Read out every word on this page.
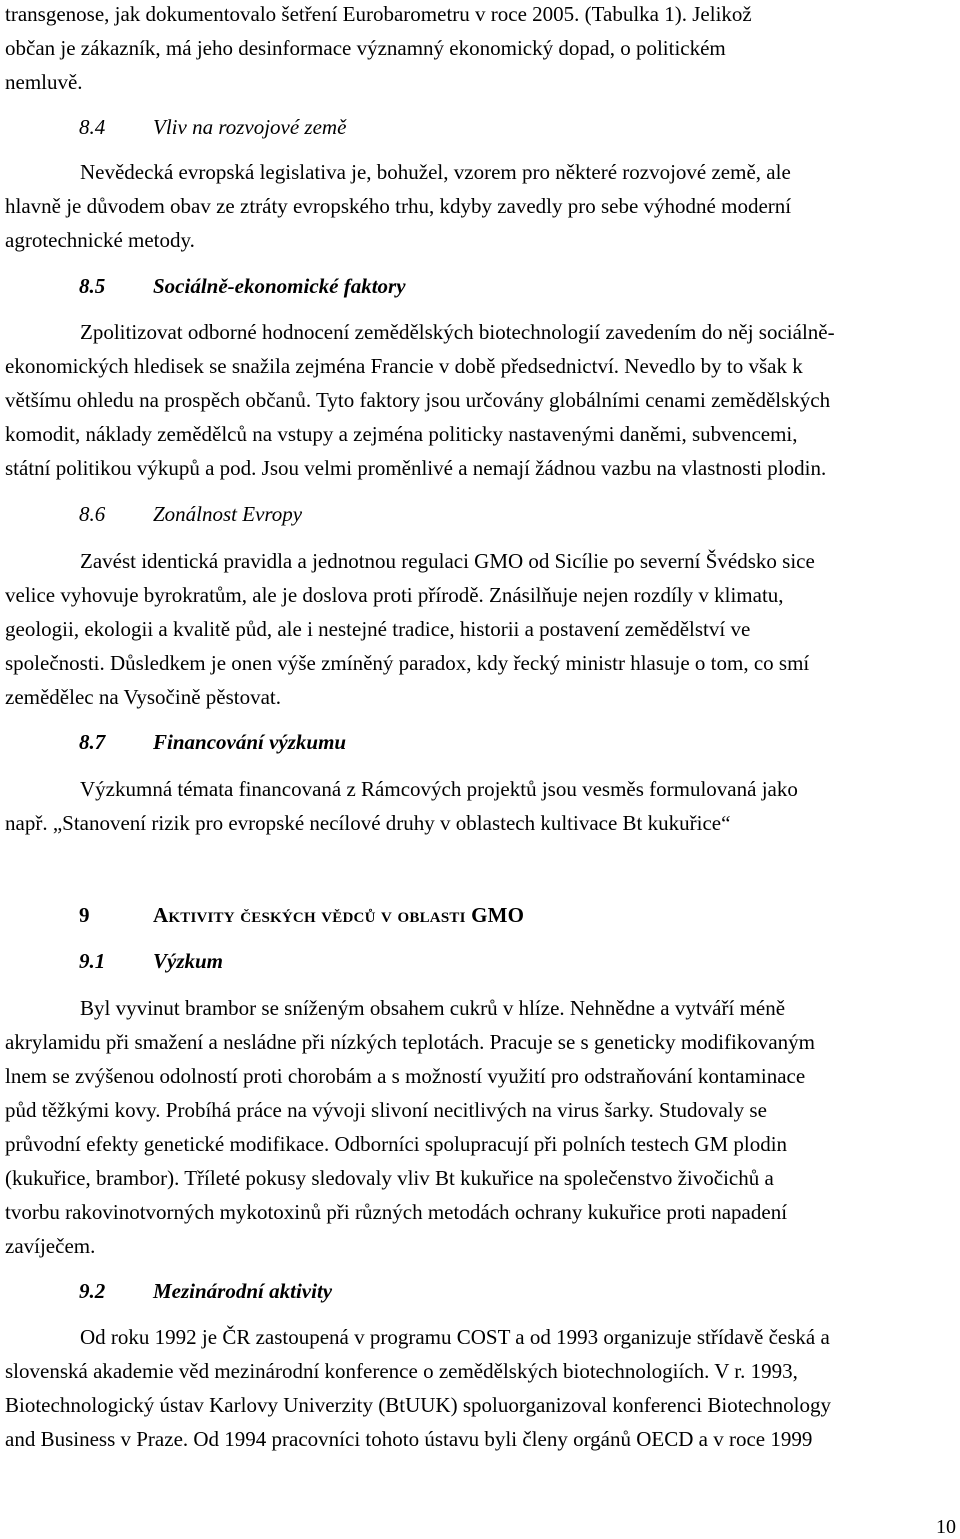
transgenose, jak dokumentovalo šetření Eurobarometru v roce 2005. (Tabulka 1). Jelikož
občan je zákazník, má jeho desinformace významný ekonomický dopad, o politickém
nemluvě.
8.4 Vliv na rozvojové země
Nevědecká evropská legislativa je, bohužel, vzorem pro některé rozvojové země, ale
hlavně je důvodem obav ze ztráty evropského trhu, kdyby zavedly pro sebe výhodné moderní
agrotechnické metody.
8.5 Sociálně-ekonomické faktory
Zpolitizovat odborné hodnocení zemědělských biotechnologií zavedením do něj sociálně-
ekonomických hledisek se snažila zejména Francie v době předsednictví. Nevedlo by to však k
většímu ohledu na prospěch občanů. Tyto faktory jsou určovány globálními cenami zemědělských
komodit, náklady zemědělců na vstupy a zejména politicky nastavenými daněmi, subvencemi,
státní politikou výkupů a pod. Jsou velmi proměnlivé a nemají žádnou vazbu na vlastnosti plodin.
8.6 Zonálnost Evropy
Zavést identická pravidla a jednotnou regulaci GMO od Sicílie po severní Švédsko sice
velice vyhovuje byrokratům, ale je doslova proti přírodě. Znásilňuje nejen rozdíly v klimatu,
geologii, ekologii a kvalitě půd, ale i nestejné tradice, historii a postavení zemědělství ve
společnosti. Důsledkem je onen výše zmíněný paradox, kdy řecký ministr hlasuje o tom, co smí
zemědělec na Vysočině pěstovat.
8.7 Financování výzkumu
Výzkumná témata financovaná z Rámcových projektů jsou vesměs formulovaná jako
např. „Stanovení rizik pro evropské necílové druhy v oblastech kultivace Bt kukuřice“
9	Aktivity českých vědců v oblasti GMO
9.1 Výzkum
Byl vyvinut brambor se sníženým obsahem cukrů v hlíze. Nehnědne a vytváří méně
akrylamidu při smažení a nesládne při nízkých teplotách. Pracuje se s geneticky modifikovaným
lnem se zvýšenou odolností proti chorobám a s možností využití pro odstraňování kontaminace
půd těžkými kovy. Probíhá práce na vývoji slivoní necitlivých na virus šarky. Studovaly se
průvodní efekty genetické modifikace. Odborníci spolupracují při polních testech GM plodin
(kukuřice, brambor). Tříleté pokusy sledovaly vliv Bt kukuřice na společenstvo živočichů a
tvorbu rakovinotvorných mykotoxinů při různých metodách ochrany kukuřice proti napadení
zavíječem.
9.2 Mezinárodní aktivity
Od roku 1992 je ČR zastoupená v programu COST a od 1993 organizuje střídavě česká a
slovenská akademie věd mezinárodní konference o zemědělských biotechnologiích. V r. 1993,
Biotechnologický ústav Karlovy Univerzity (BtUUK) spoluorganizoval konferenci Biotechnology
and Business v Praze. Od 1994 pracovníci tohoto ústavu byli členy orgánů OECD a v roce 1999
10
